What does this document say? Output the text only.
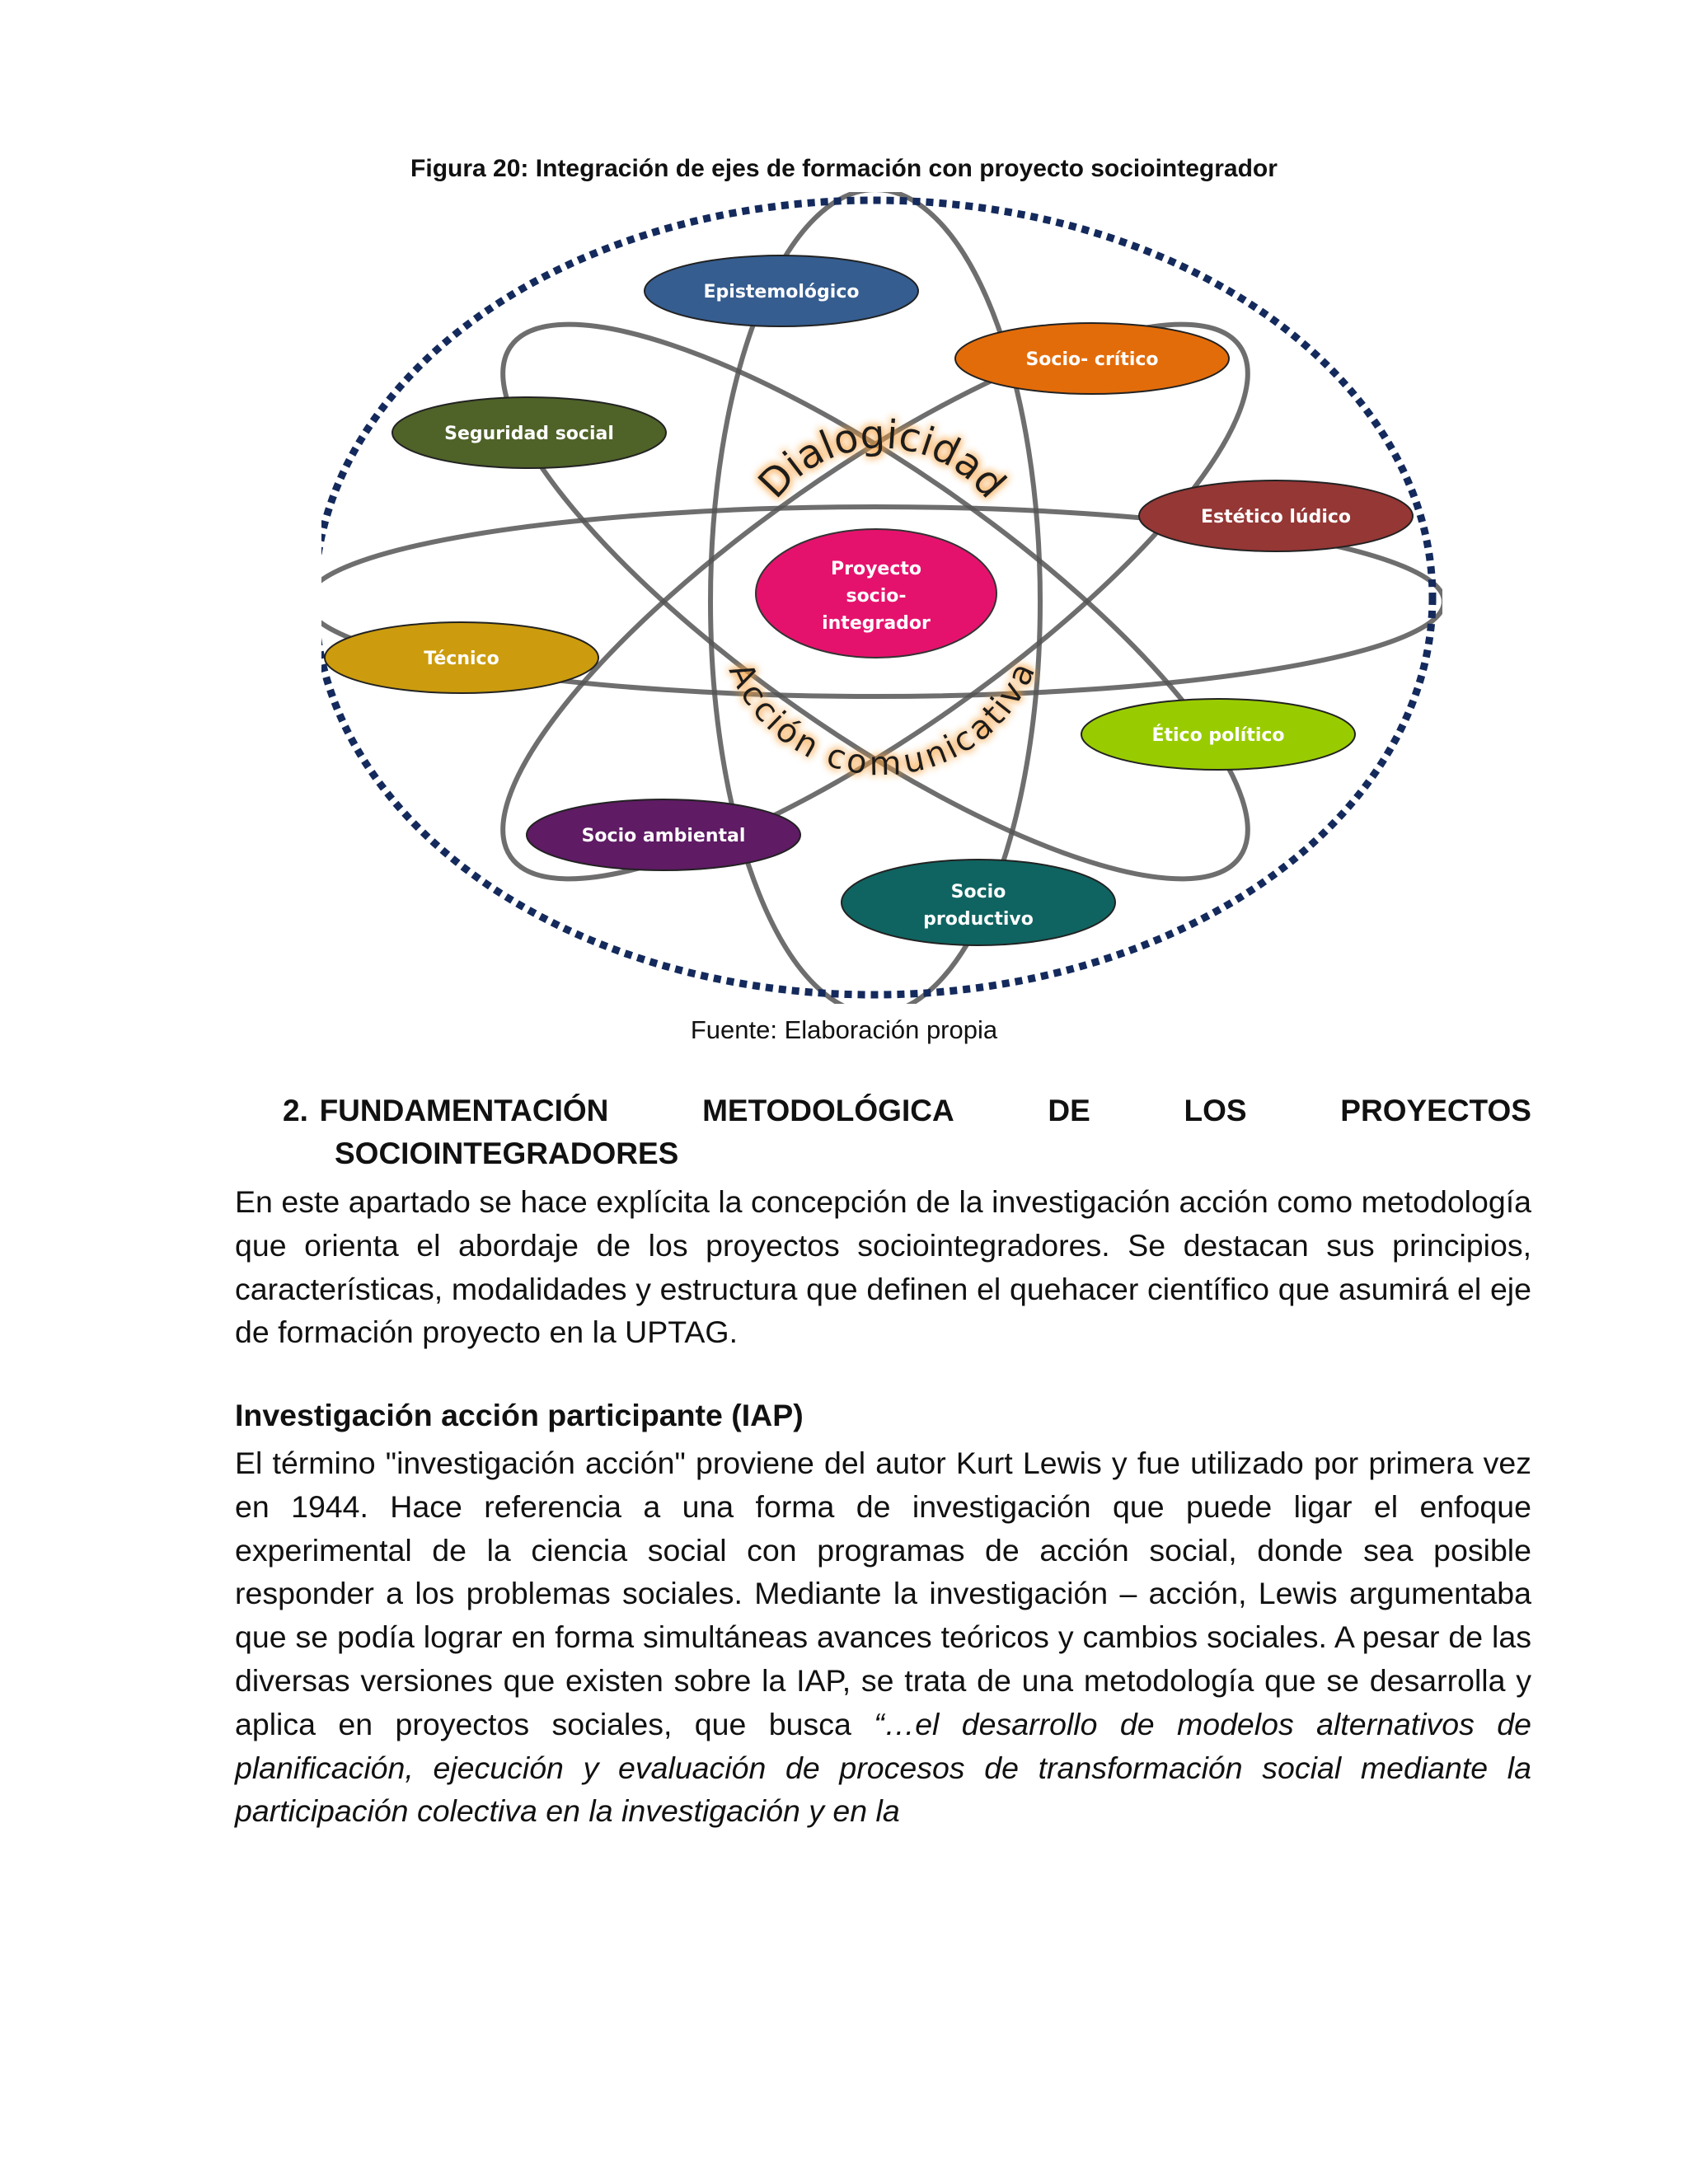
Figura 20: Integración de ejes de formación con proyecto sociointegrador
Epistemológico
Socio- crítico
Seguridad social
Estético lúdico
Técnico
Ético político
Socio ambiental
Socio
productivo
Proyecto
socio-
integrador
Dialogicidad
Acción comunicativa
Fuente: Elaboración propia
2. FUNDAMENTACIÓN	METODOLÓGICA	DE	LOS	PROYECTOS
SOCIOINTEGRADORES

En este apartado se hace explícita la concepción de la investigación acción como metodología que orienta el abordaje de los proyectos sociointegradores. Se destacan sus principios, características, modalidades y estructura que definen el quehacer científico que asumirá el eje de formación proyecto en la UPTAG.

Investigación acción participante (IAP)

El término "investigación acción" proviene del autor Kurt Lewis y fue utilizado por primera vez en 1944. Hace referencia a una forma de investigación que puede ligar el enfoque experimental de la ciencia social con programas de acción social, donde sea posible responder a los problemas sociales. Mediante la investigación – acción, Lewis argumentaba que se podía lograr en forma simultáneas avances teóricos y cambios sociales. A pesar de las diversas versiones que existen sobre la IAP, se trata de una metodología que se desarrolla y aplica en proyectos sociales, que busca “…el desarrollo de modelos alternativos de planificación, ejecución y evaluación de procesos de transformación social mediante la participación colectiva en la investigación y en la
